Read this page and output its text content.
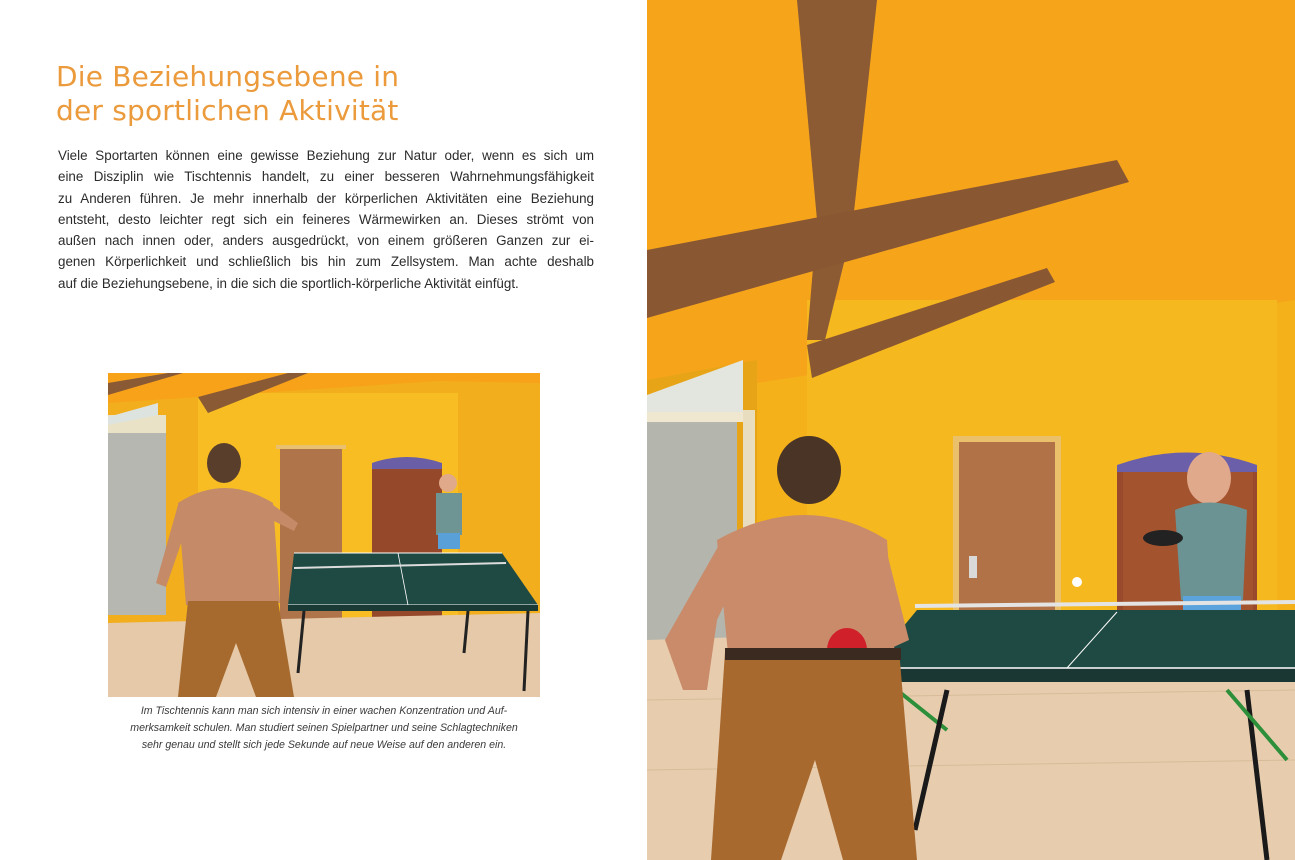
Die Beziehungsebene in
der sportlichen Aktivität
Viele Sportarten können eine gewisse Beziehung zur Natur oder, wenn es sich um
eine Disziplin wie Tischtennis handelt, zu einer besseren Wahrnehmungsfähigkeit
zu Anderen führen. Je mehr innerhalb der körperlichen Aktivitäten eine Beziehung
entsteht, desto leichter regt sich ein feineres Wärmewirken an. Dieses strömt von
außen nach innen oder, anders ausgedrückt, von einem größeren Ganzen zur ei-
genen Körperlichkeit und schließlich bis hin zum Zellsystem. Man achte deshalb
auf die Beziehungsebene, in die sich die sportlich-körperliche Aktivität einfügt.
Im Tischtennis kann man sich intensiv in einer wachen Konzentration und Auf-
merksamkeit schulen. Man studiert seinen Spielpartner und seine Schlagtechniken
sehr genau und stellt sich jede Sekunde auf neue Weise auf den anderen ein.
